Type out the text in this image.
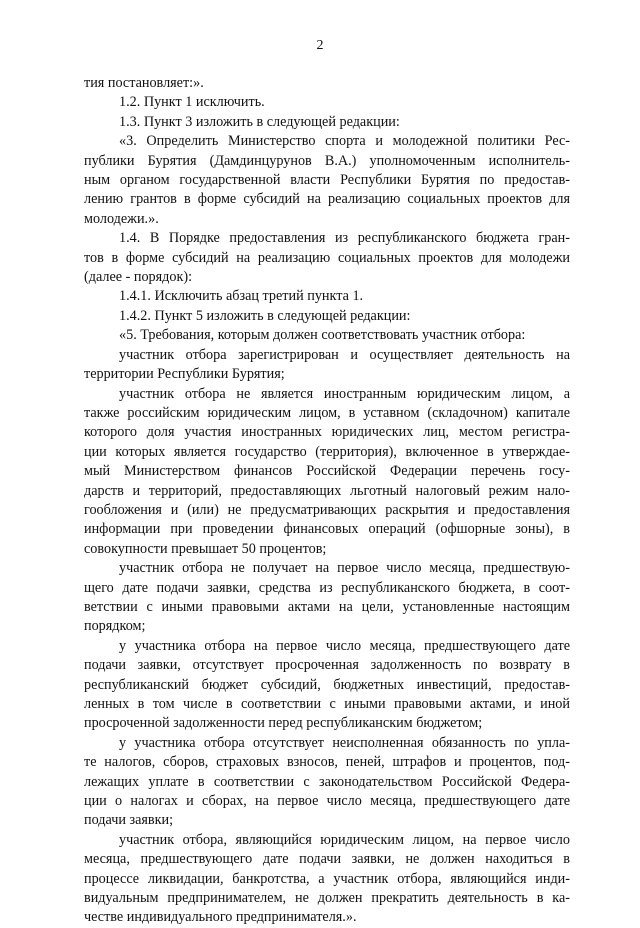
2
тия постановляет:».
1.2. Пункт 1 исключить.
1.3. Пункт 3 изложить в следующей редакции:
«3. Определить Министерство спорта и молодежной политики Рес-
публики Бурятия (Дамдинцурунов В.А.) уполномоченным исполнитель-
ным органом государственной власти Республики Бурятия по предостав-
лению грантов в форме субсидий на реализацию социальных проектов для
молодежи.».
1.4. В Порядке предоставления из республиканского бюджета гран-
тов в форме субсидий на реализацию социальных проектов для молодежи
(далее - порядок):
1.4.1. Исключить абзац третий пункта 1.
1.4.2. Пункт 5 изложить в следующей редакции:
«5. Требования, которым должен соответствовать участник отбора:
участник отбора зарегистрирован и осуществляет деятельность на
территории Республики Бурятия;
участник отбора не является иностранным юридическим лицом, а
также российским юридическим лицом, в уставном (складочном) капитале
которого доля участия иностранных юридических лиц, местом регистра-
ции которых является государство (территория), включенное в утверждае-
мый Министерством финансов Российской Федерации перечень госу-
дарств и территорий, предоставляющих льготный налоговый режим нало-
гообложения и (или) не предусматривающих раскрытия и предоставления
информации при проведении финансовых операций (офшорные зоны), в
совокупности превышает 50 процентов;
участник отбора не получает на первое число месяца, предшествую-
щего дате подачи заявки, средства из республиканского бюджета, в соот-
ветствии с иными правовыми актами на цели, установленные настоящим
порядком;
у участника отбора на первое число месяца, предшествующего дате
подачи заявки, отсутствует просроченная задолженность по возврату в
республиканский бюджет субсидий, бюджетных инвестиций, предостав-
ленных в том числе в соответствии с иными правовыми актами, и иной
просроченной задолженности перед республиканским бюджетом;
у участника отбора отсутствует неисполненная обязанность по упла-
те налогов, сборов, страховых взносов, пеней, штрафов и процентов, под-
лежащих уплате в соответствии с законодательством Российской Федера-
ции о налогах и сборах, на первое число месяца, предшествующего дате
подачи заявки;
участник отбора, являющийся юридическим лицом, на первое число
месяца, предшествующего дате подачи заявки, не должен находиться в
процессе ликвидации, банкротства, а участник отбора, являющийся инди-
видуальным предпринимателем, не должен прекратить деятельность в ка-
честве индивидуального предпринимателя.».
